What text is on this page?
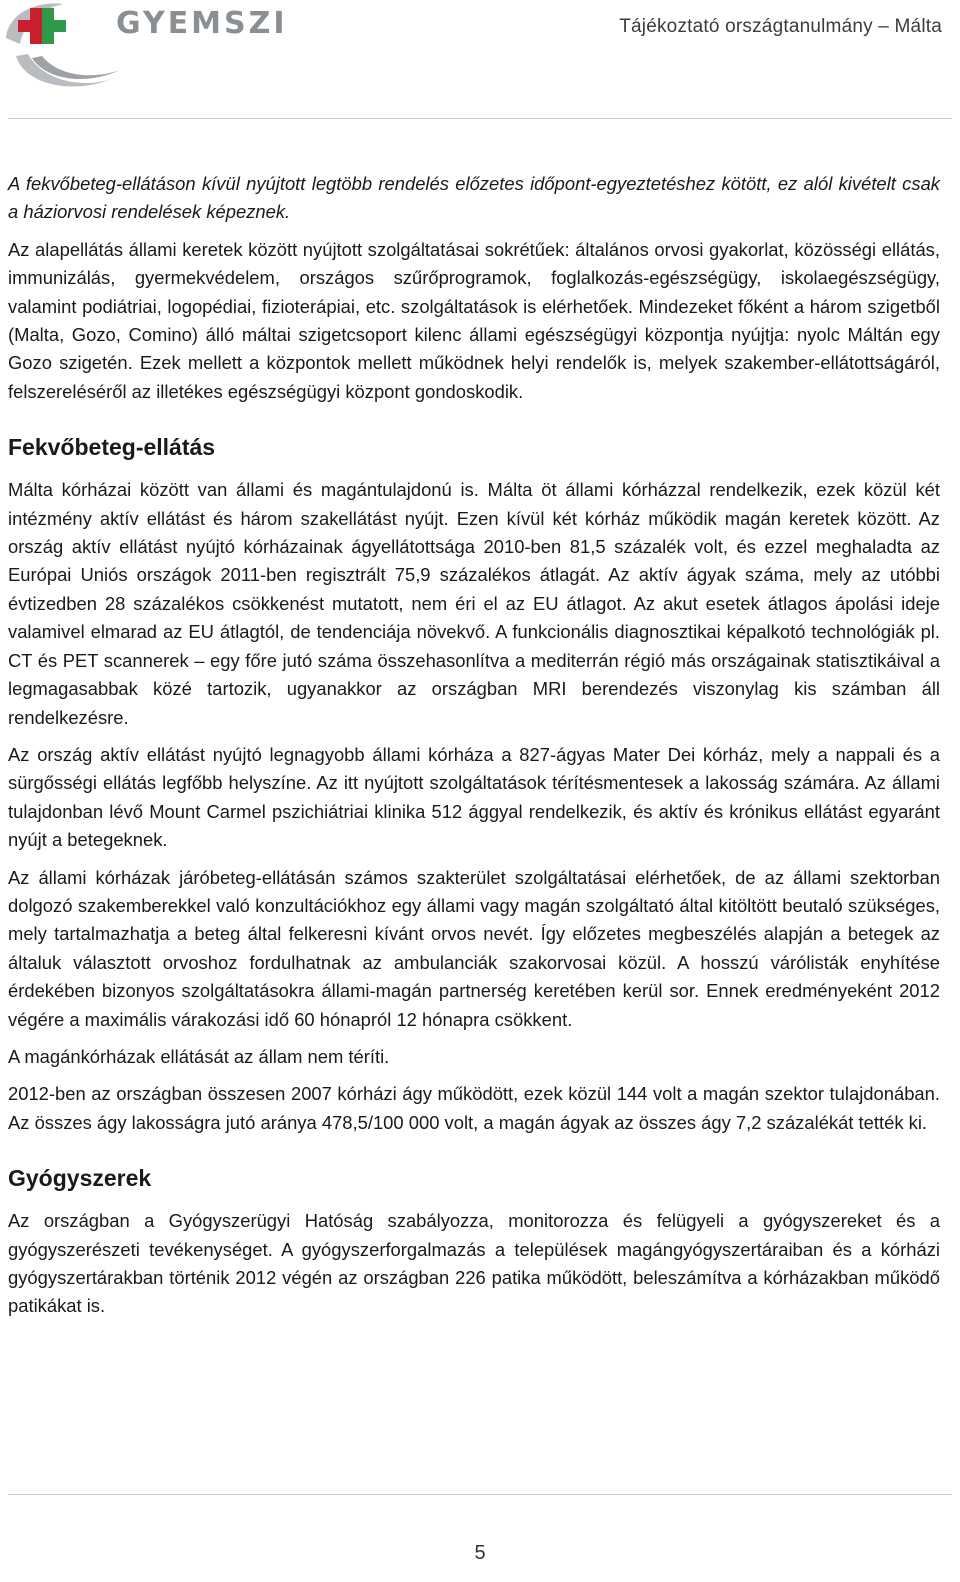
GYEMSZI	Tájékoztató országtanulmány – Málta

A fekvőbeteg-ellátáson kívül nyújtott legtöbb rendelés előzetes időpont-egyeztetéshez kötött, ez alól kivételt csak a háziorvosi rendelések képeznek.

Az alapellátás állami keretek között nyújtott szolgáltatásai sokrétűek: általános orvosi gyakorlat, közösségi ellátás, immunizálás, gyermekvédelem, országos szűrőprogramok, foglalkozás-egészségügy, iskolaegészségügy, valamint podiátriai, logopédiai, fizioterápiai, etc. szolgáltatások is elérhetőek. Mindezeket főként a három szigetből (Malta, Gozo, Comino) álló máltai szigetcsoport kilenc állami egészségügyi központja nyújtja: nyolc Máltán egy Gozo szigetén. Ezek mellett a központok mellett működnek helyi rendelők is, melyek szakember-ellátottságáról, felszereléséről az illetékes egészségügyi központ gondoskodik.

Fekvőbeteg-ellátás

Málta kórházai között van állami és magántulajdonú is. Málta öt állami kórházzal rendelkezik, ezek közül két intézmény aktív ellátást és három szakellátást nyújt. Ezen kívül két kórház működik magán keretek között. Az ország aktív ellátást nyújtó kórházainak ágyellátottsága 2010-ben 81,5 százalék volt, és ezzel meghaladta az Európai Uniós országok 2011-ben regisztrált 75,9 százalékos átlagát. Az aktív ágyak száma, mely az utóbbi évtizedben 28 százalékos csökkenést mutatott, nem éri el az EU átlagot. Az akut esetek átlagos ápolási ideje valamivel elmarad az EU átlagtól, de tendenciája növekvő. A funkcionális diagnosztikai képalkotó technológiák pl. CT és PET scannerek – egy főre jutó száma összehasonlítva a mediterrán régió más országainak statisztikáival a legmagasabbak közé tartozik, ugyanakkor az országban MRI berendezés viszonylag kis számban áll rendelkezésre.

Az ország aktív ellátást nyújtó legnagyobb állami kórháza a 827-ágyas Mater Dei kórház, mely a nappali és a sürgősségi ellátás legfőbb helyszíne. Az itt nyújtott szolgáltatások térítésmentesek a lakosság számára. Az állami tulajdonban lévő Mount Carmel pszichiátriai klinika 512 ággyal rendelkezik, és aktív és krónikus ellátást egyaránt nyújt a betegeknek.

Az állami kórházak járóbeteg-ellátásán számos szakterület szolgáltatásai elérhetőek, de az állami szektorban dolgozó szakemberekkel való konzultációkhoz egy állami vagy magán szolgáltató által kitöltött beutaló szükséges, mely tartalmazhatja a beteg által felkeresni kívánt orvos nevét. Így előzetes megbeszélés alapján a betegek az általuk választott orvoshoz fordulhatnak az ambulanciák szakorvosai közül. A hosszú várólisták enyhítése érdekében bizonyos szolgáltatásokra állami-magán partnerség keretében kerül sor. Ennek eredményeként 2012 végére a maximális várakozási idő 60 hónapról 12 hónapra csökkent.

A magánkórházak ellátását az állam nem téríti.

2012-ben az országban összesen 2007 kórházi ágy működött, ezek közül 144 volt a magán szektor tulajdonában. Az összes ágy lakosságra jutó aránya 478,5/100 000 volt, a magán ágyak az összes ágy 7,2 százalékát tették ki.

Gyógyszerek

Az országban a Gyógyszerügyi Hatóság szabályozza, monitorozza és felügyeli a gyógyszereket és a gyógyszerészeti tevékenységet. A gyógyszerforgalmazás a települések magángyógyszertáraiban és a kórházi gyógyszertárakban történik 2012 végén az országban 226 patika működött, beleszámítva a kórházakban működő patikákat is.

5
